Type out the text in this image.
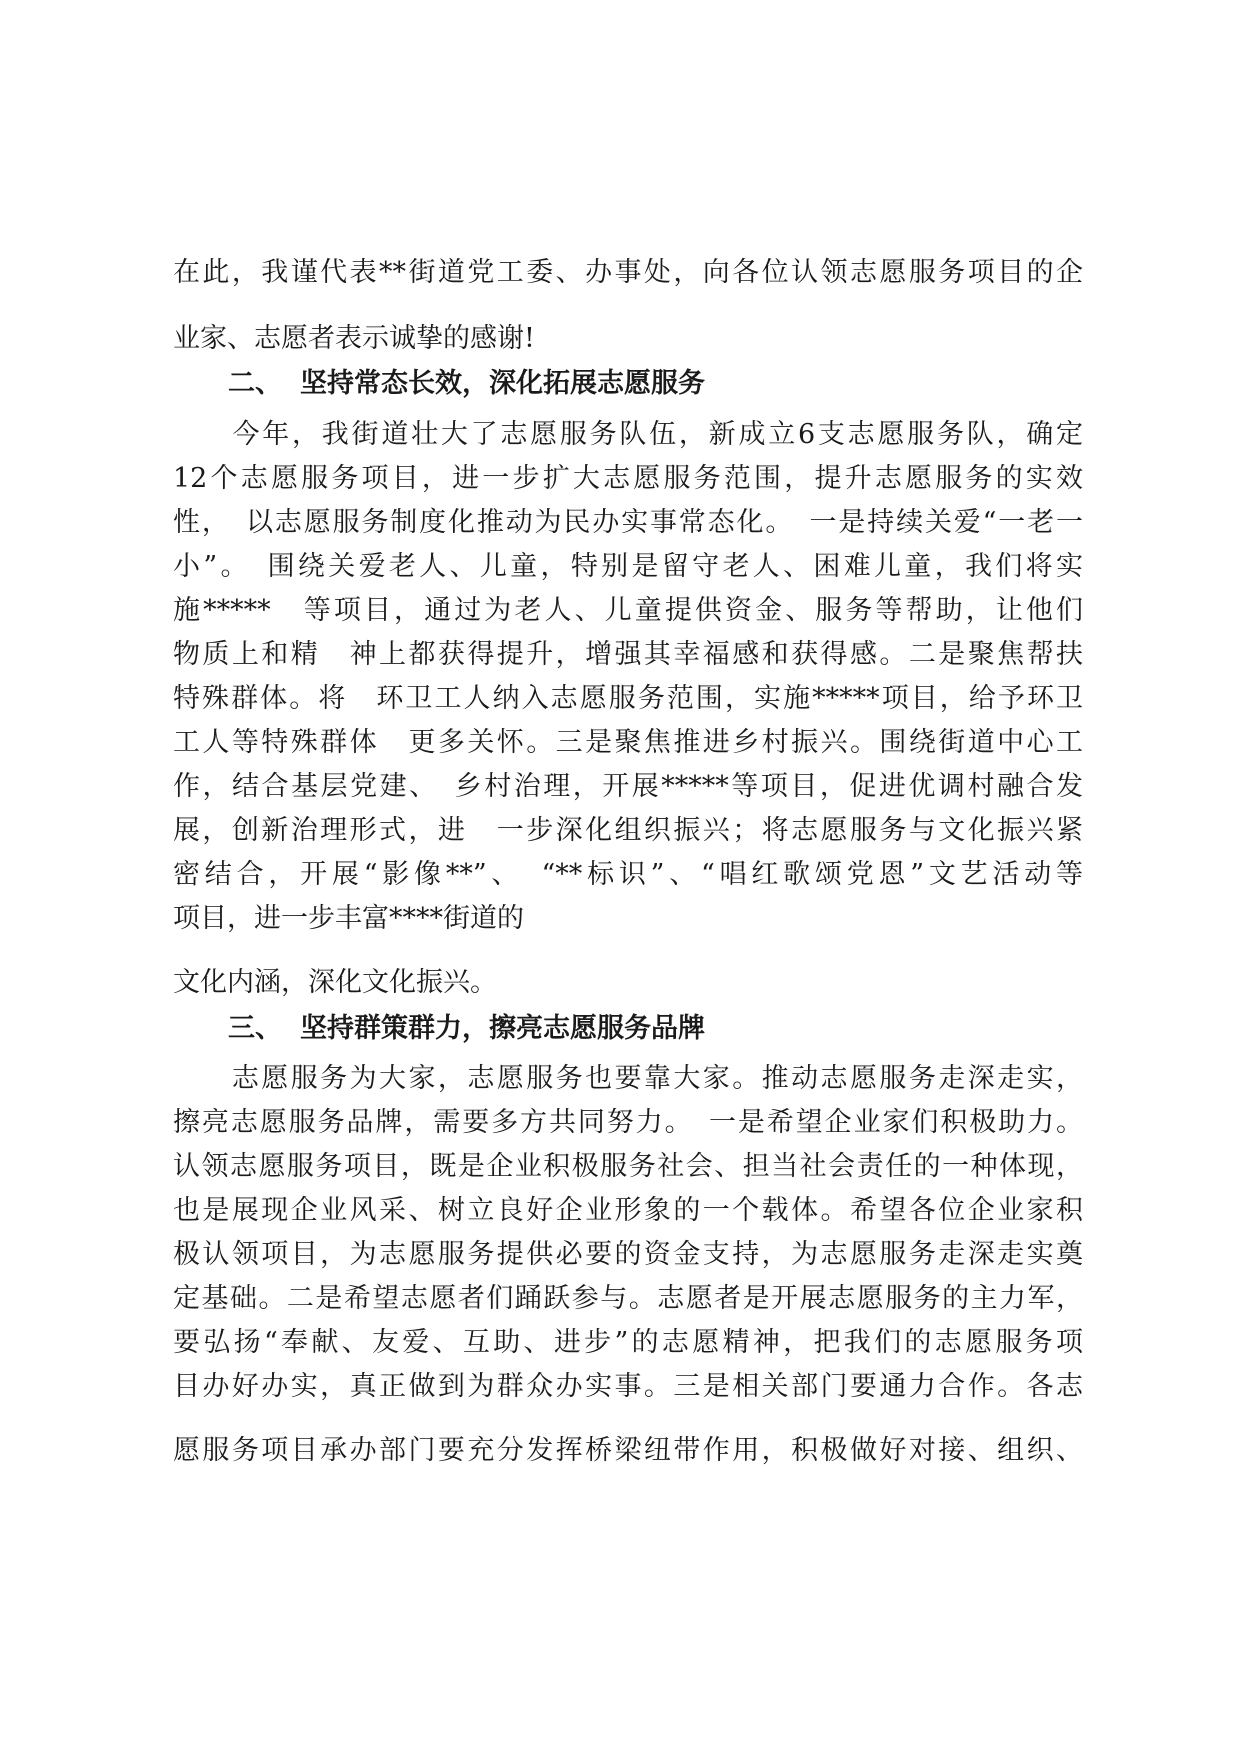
在此，我谨代表**街道党工委、办事处，向各位认领志愿服务项目的企
业家、志愿者表示诚挚的感谢!
二、 坚持常态长效，深化拓展志愿服务
　　今年，我街道壮大了志愿服务队伍，新成立6支志愿服务队，确定
12个志愿服务项目，进一步扩大志愿服务范围，提升志愿服务的实效
性，　以志愿服务制度化推动为民办实事常态化。　一是持续关爱“一老一
小”。　围绕关爱老人、儿童，特别是留守老人、困难儿童，我们将实
施*****　等项目，通过为老人、儿童提供资金、服务等帮助，让他们
物质上和精　神上都获得提升，增强其幸福感和获得感。二是聚焦帮扶
特殊群体。将　环卫工人纳入志愿服务范围，实施*****项目，给予环卫
工人等特殊群体　更多关怀。三是聚焦推进乡村振兴。围绕街道中心工
作，结合基层党建、　乡村治理，开展*****等项目，促进优调村融合发
展，创新治理形式，进　一步深化组织振兴；将志愿服务与文化振兴紧
密结合，开展“影像**”、　“**标识”、“唱红歌颂党恩”文艺活动等
项目，进一步丰富****街道的
文化内涵，深化文化振兴。
三、 坚持群策群力，擦亮志愿服务品牌
　　志愿服务为大家，志愿服务也要靠大家。推动志愿服务走深走实，
擦亮志愿服务品牌，需要多方共同努力。　一是希望企业家们积极助力。
认领志愿服务项目，既是企业积极服务社会、担当社会责任的一种体现，
也是展现企业风采、树立良好企业形象的一个载体。希望各位企业家积
极认领项目，为志愿服务提供必要的资金支持，为志愿服务走深走实奠
定基础。二是希望志愿者们踊跃参与。志愿者是开展志愿服务的主力军，
要弘扬“奉献、友爱、互助、进步”的志愿精神，把我们的志愿服务项
目办好办实，真正做到为群众办实事。三是相关部门要通力合作。各志
愿服务项目承办部门要充分发挥桥梁纽带作用，积极做好对接、组织、
